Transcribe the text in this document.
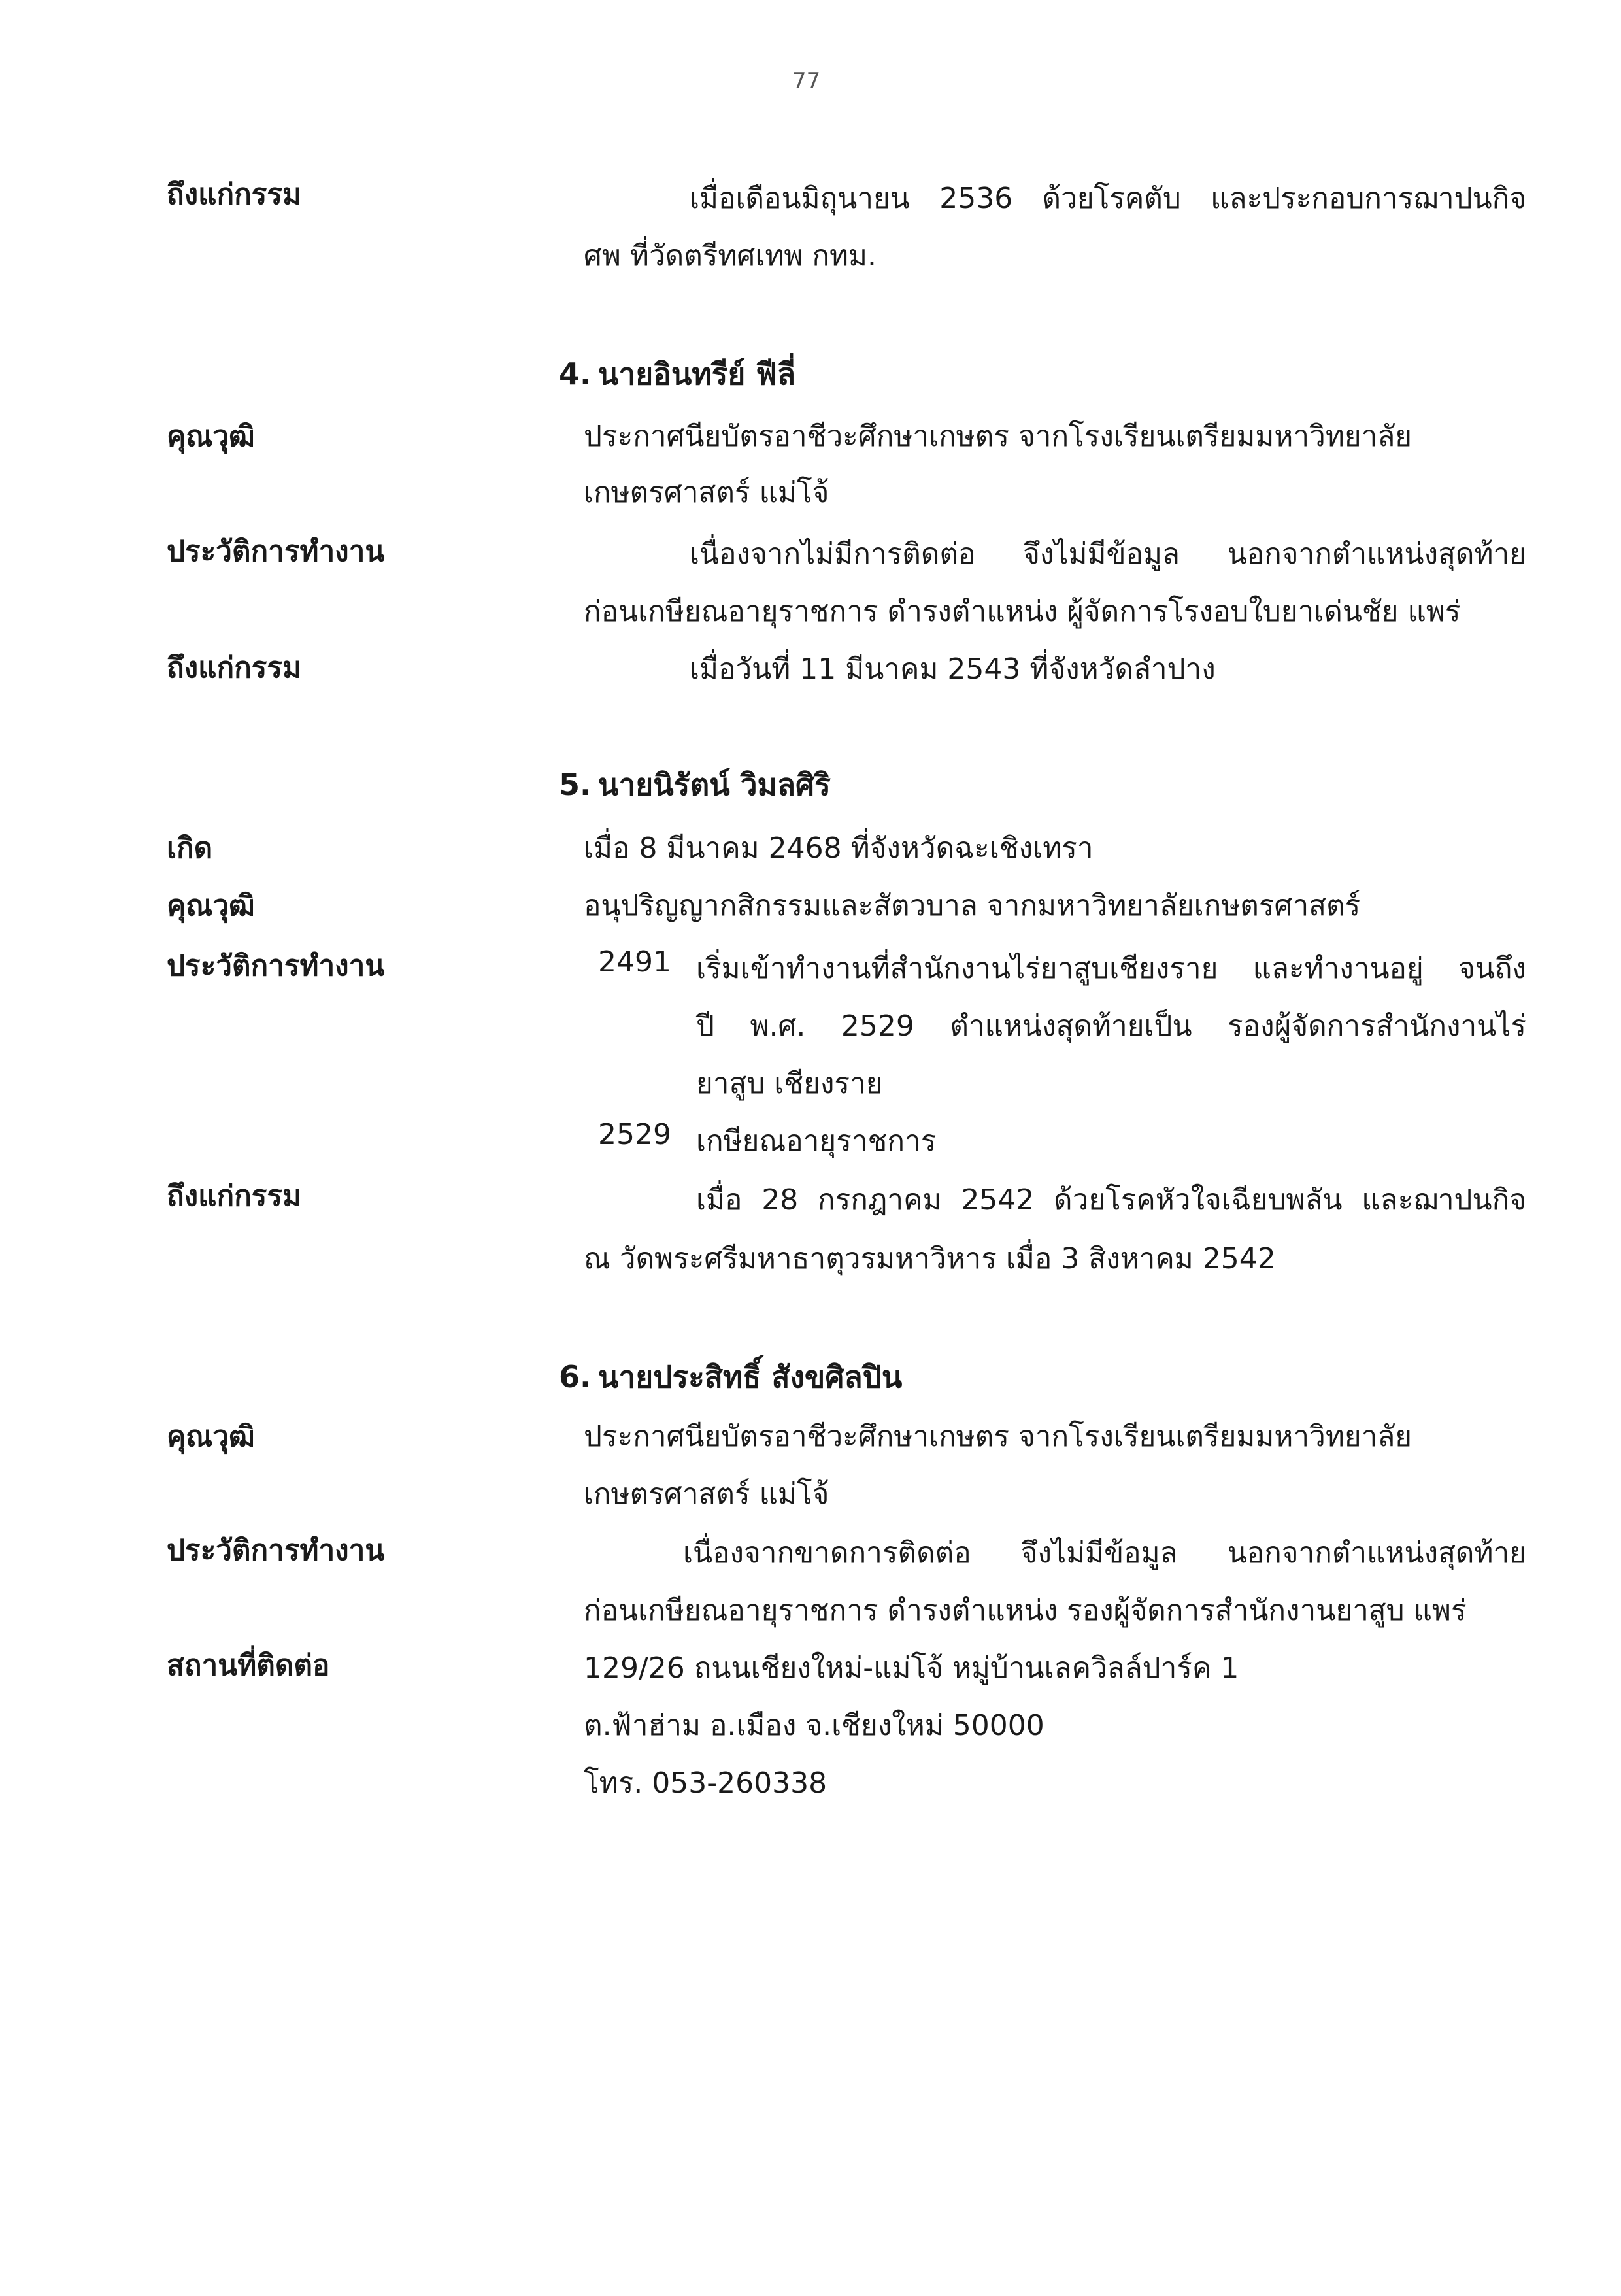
77
ถึงแก่กรรม	เมื่อเดือนมิถุนายน 2536 ด้วยโรคตับ และประกอบการฌาปนกิจ
ศพ ที่วัดตรีทศเทพ กทม.
4. นายอินทรีย์ ฟีลี่
คุณวุฒิ	ประกาศนียบัตรอาชีวะศึกษาเกษตร จากโรงเรียนเตรียมมหาวิทยาลัย
เกษตรศาสตร์ แม่โจ้
ประวัติการทำงาน	เนื่องจากไม่มีการติดต่อ จึงไม่มีข้อมูล นอกจากตำแหน่งสุดท้าย
ก่อนเกษียณอายุราชการ ดำรงตำแหน่ง ผู้จัดการโรงอบใบยาเด่นชัย แพร่
ถึงแก่กรรม	เมื่อวันที่ 11 มีนาคม 2543 ที่จังหวัดลำปาง
5. นายนิรัตน์ วิมลศิริ
เกิด	เมื่อ 8 มีนาคม 2468 ที่จังหวัดฉะเชิงเทรา
คุณวุฒิ	อนุปริญญากสิกรรมและสัตวบาล จากมหาวิทยาลัยเกษตรศาสตร์
ประวัติการทำงาน	2491 เริ่มเข้าทำงานที่สำนักงานไร่ยาสูบเชียงราย และทำงานอยู่ จนถึง
ปี พ.ศ. 2529 ตำแหน่งสุดท้ายเป็น รองผู้จัดการสำนักงานไร่
ยาสูบ เชียงราย
2529 เกษียณอายุราชการ
ถึงแก่กรรม	เมื่อ 28 กรกฎาคม 2542 ด้วยโรคหัวใจเฉียบพลัน และฌาปนกิจ
ณ วัดพระศรีมหาธาตุวรมหาวิหาร เมื่อ 3 สิงหาคม 2542
6. นายประสิทธิ์ สังขศิลปิน
คุณวุฒิ	ประกาศนียบัตรอาชีวะศึกษาเกษตร จากโรงเรียนเตรียมมหาวิทยาลัย
เกษตรศาสตร์ แม่โจ้
ประวัติการทำงาน	เนื่องจากขาดการติดต่อ จึงไม่มีข้อมูล นอกจากตำแหน่งสุดท้าย
ก่อนเกษียณอายุราชการ ดำรงตำแหน่ง รองผู้จัดการสำนักงานยาสูบ แพร่
สถานที่ติดต่อ	129/26 ถนนเชียงใหม่-แม่โจ้ หมู่บ้านเลควิลล์ปาร์ค 1
ต.ฟ้าฮ่าม อ.เมือง จ.เชียงใหม่ 50000
โทร. 053-260338
